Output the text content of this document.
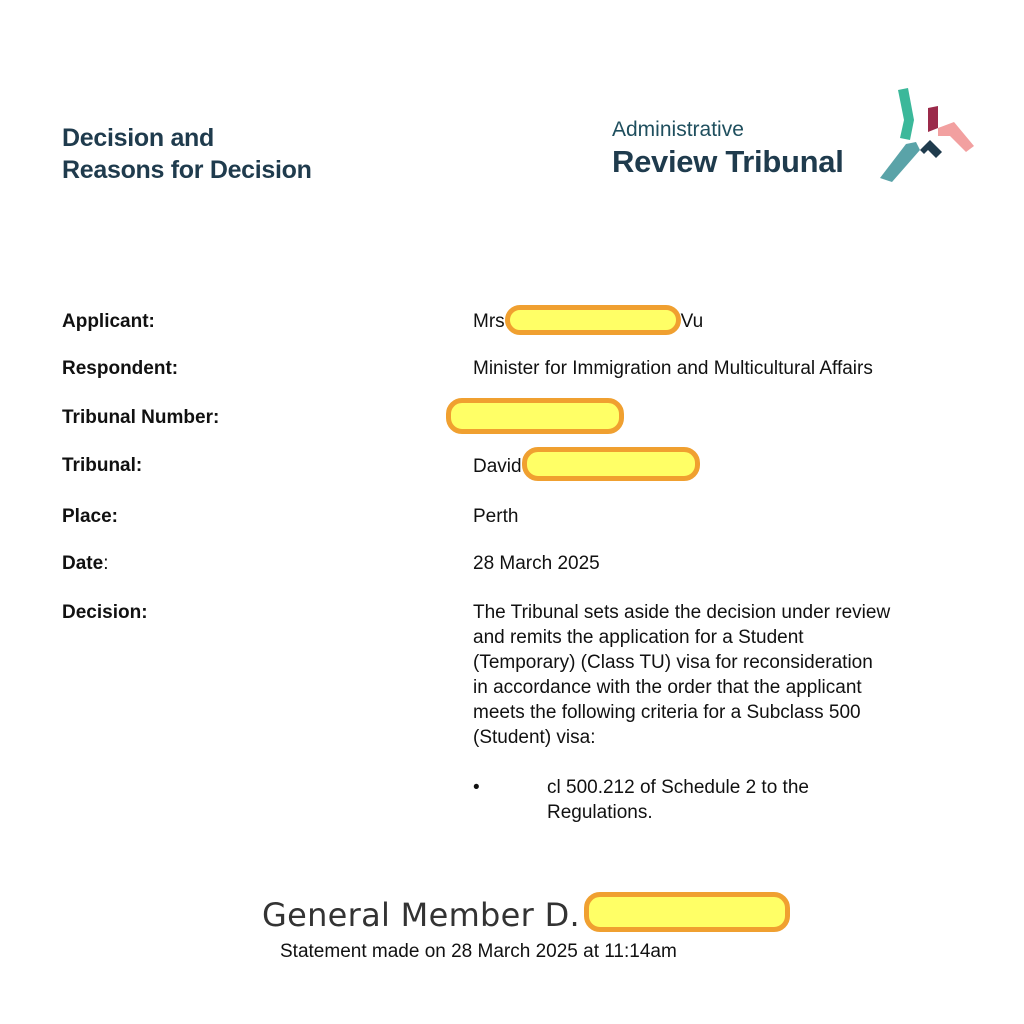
Decision and
Reasons for Decision
Administrative
Review Tribunal
Applicant:	Mrs	Vu
Respondent:	Minister for Immigration and Multicultural Affairs
Tribunal Number:
Tribunal:	David
Place:	Perth
Date:	28 March 2025
Decision:	The Tribunal sets aside the decision under review

and remits the application for a Student

(Temporary) (Class TU) visa for reconsideration

in accordance with the order that the applicant

meets the following criteria for a Subclass 500

(Student) visa:

•	cl 500.212 of Schedule 2 to the
Regulations.
General Member D.
Statement made on 28 March 2025 at 11:14am
